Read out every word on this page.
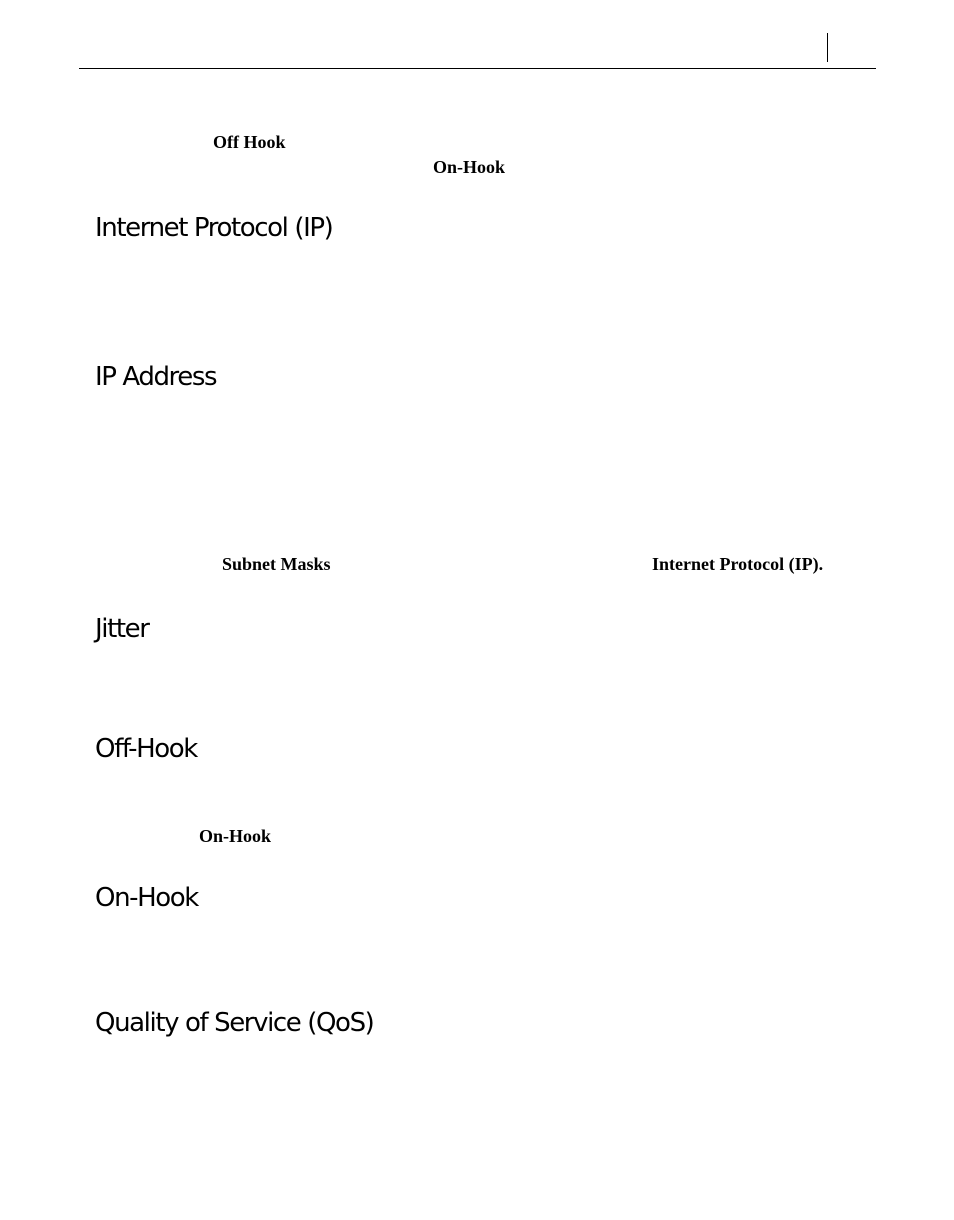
Off Hook
On-Hook
Internet Protocol (IP)
IP Address
Subnet Masks	Internet Protocol (IP).
Jitter
Off-Hook
On-Hook
On-Hook
Quality of Service (QoS)
